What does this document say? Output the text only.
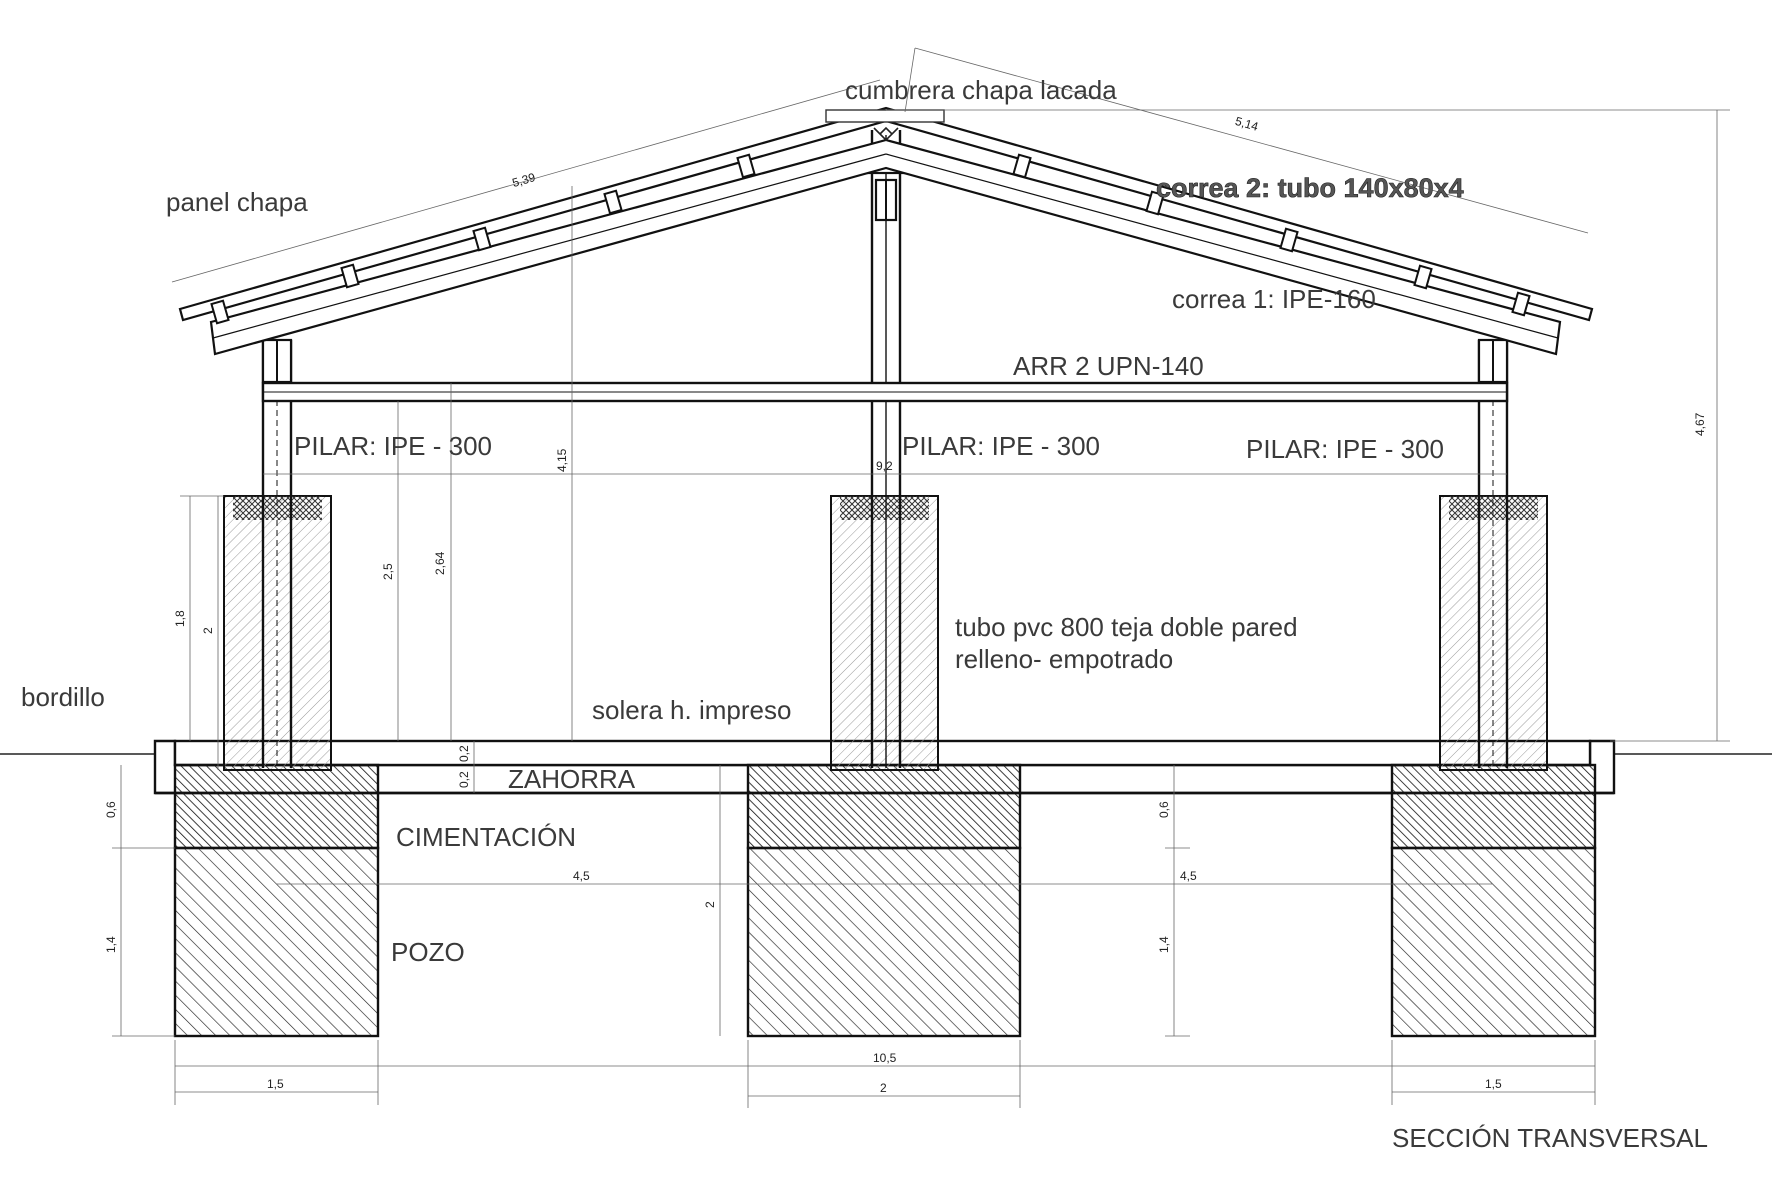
cumbrera chapa lacada
panel chapa	correa 2: tubo 140x80x4
correa 1: IPE-160
ARR 2 UPN-140
PILAR: IPE - 300	PILAR: IPE - 300	PILAR: IPE - 300
tubo pvc 800 teja doble pared
relleno- empotrado
bordillo	solera h. impreso
ZAHORRA
CIMENTACIÓN
POZO
SECCIÓN TRANSVERSAL
5,39
5,14
4,67
4,15	9,2
2,5	2,64
1,8
2
0,2
0,2
0,6
1,4
0,6
1,4
2
4,5	4,5
10,5
1,5	2	1,5
